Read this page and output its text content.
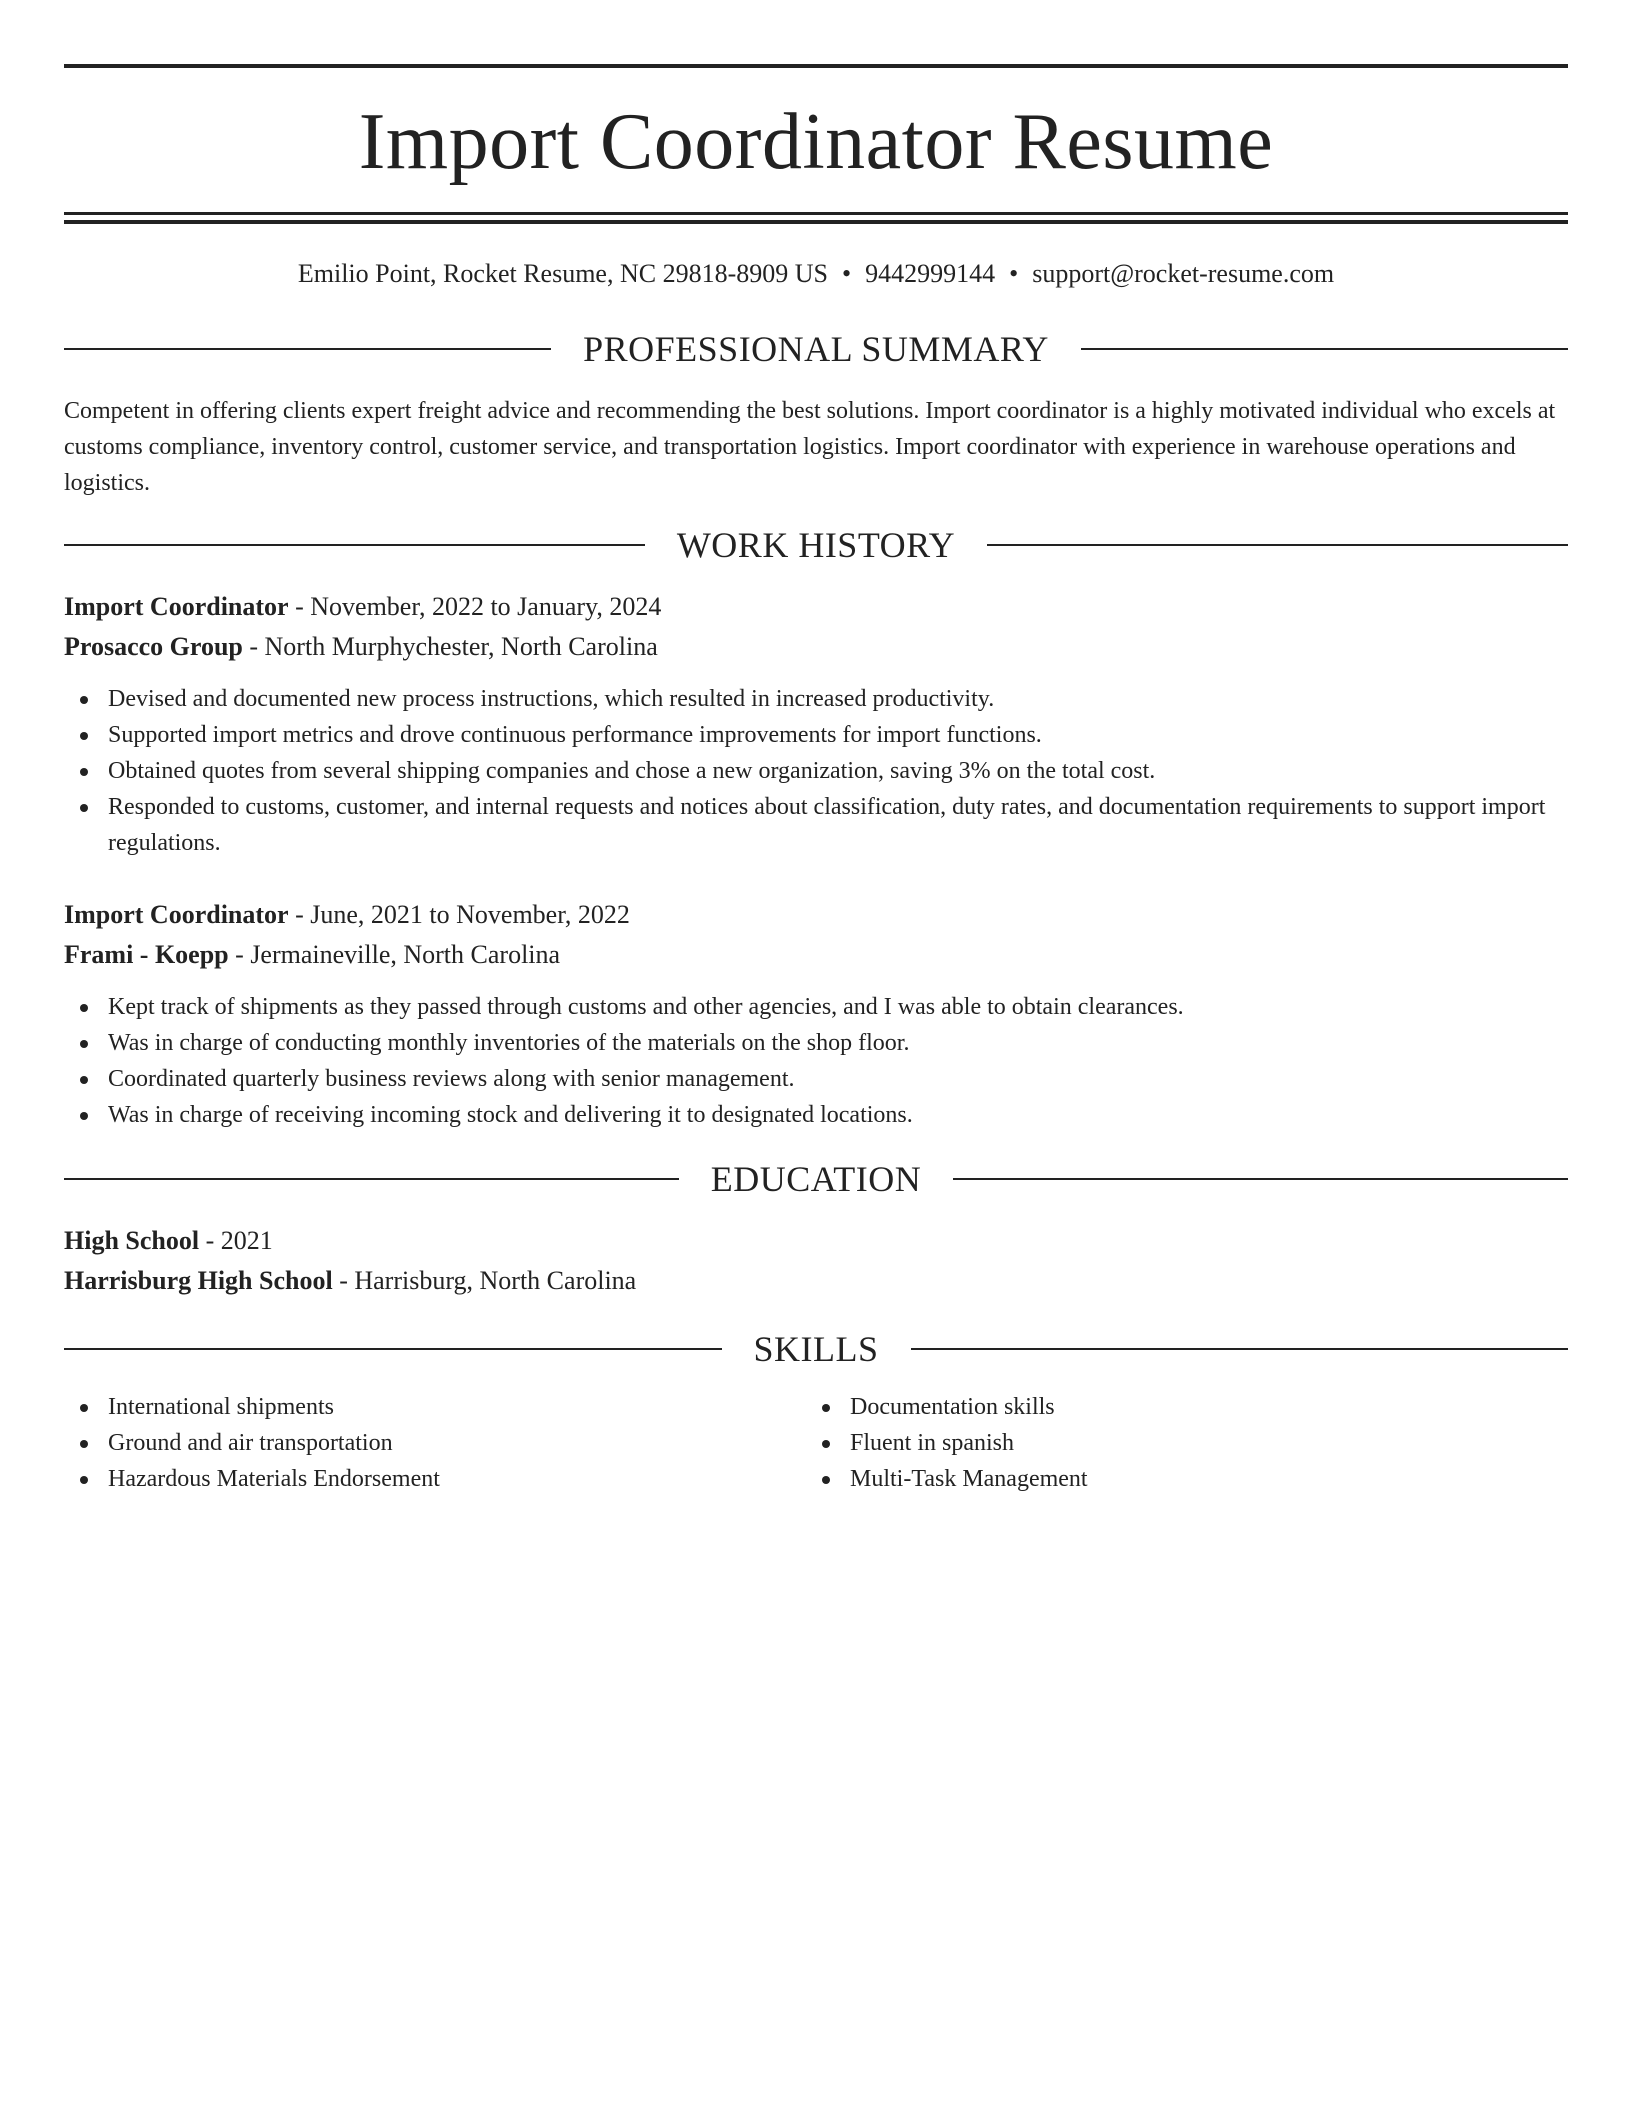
Import Coordinator Resume
Emilio Point, Rocket Resume, NC 29818-8909 US • 9442999144 • support@rocket-resume.com
PROFESSIONAL SUMMARY
Competent in offering clients expert freight advice and recommending the best solutions. Import coordinator is a highly motivated individual who excels at customs compliance, inventory control, customer service, and transportation logistics. Import coordinator with experience in warehouse operations and logistics.
WORK HISTORY
Import Coordinator - November, 2022 to January, 2024
Prosacco Group - North Murphychester, North Carolina
Devised and documented new process instructions, which resulted in increased productivity.
Supported import metrics and drove continuous performance improvements for import functions.
Obtained quotes from several shipping companies and chose a new organization, saving 3% on the total cost.
Responded to customs, customer, and internal requests and notices about classification, duty rates, and documentation requirements to support import regulations.
Import Coordinator - June, 2021 to November, 2022
Frami - Koepp - Jermaineville, North Carolina
Kept track of shipments as they passed through customs and other agencies, and I was able to obtain clearances.
Was in charge of conducting monthly inventories of the materials on the shop floor.
Coordinated quarterly business reviews along with senior management.
Was in charge of receiving incoming stock and delivering it to designated locations.
EDUCATION
High School - 2021
Harrisburg High School - Harrisburg, North Carolina
SKILLS
International shipments
Ground and air transportation
Hazardous Materials Endorsement
Documentation skills
Fluent in spanish
Multi-Task Management
